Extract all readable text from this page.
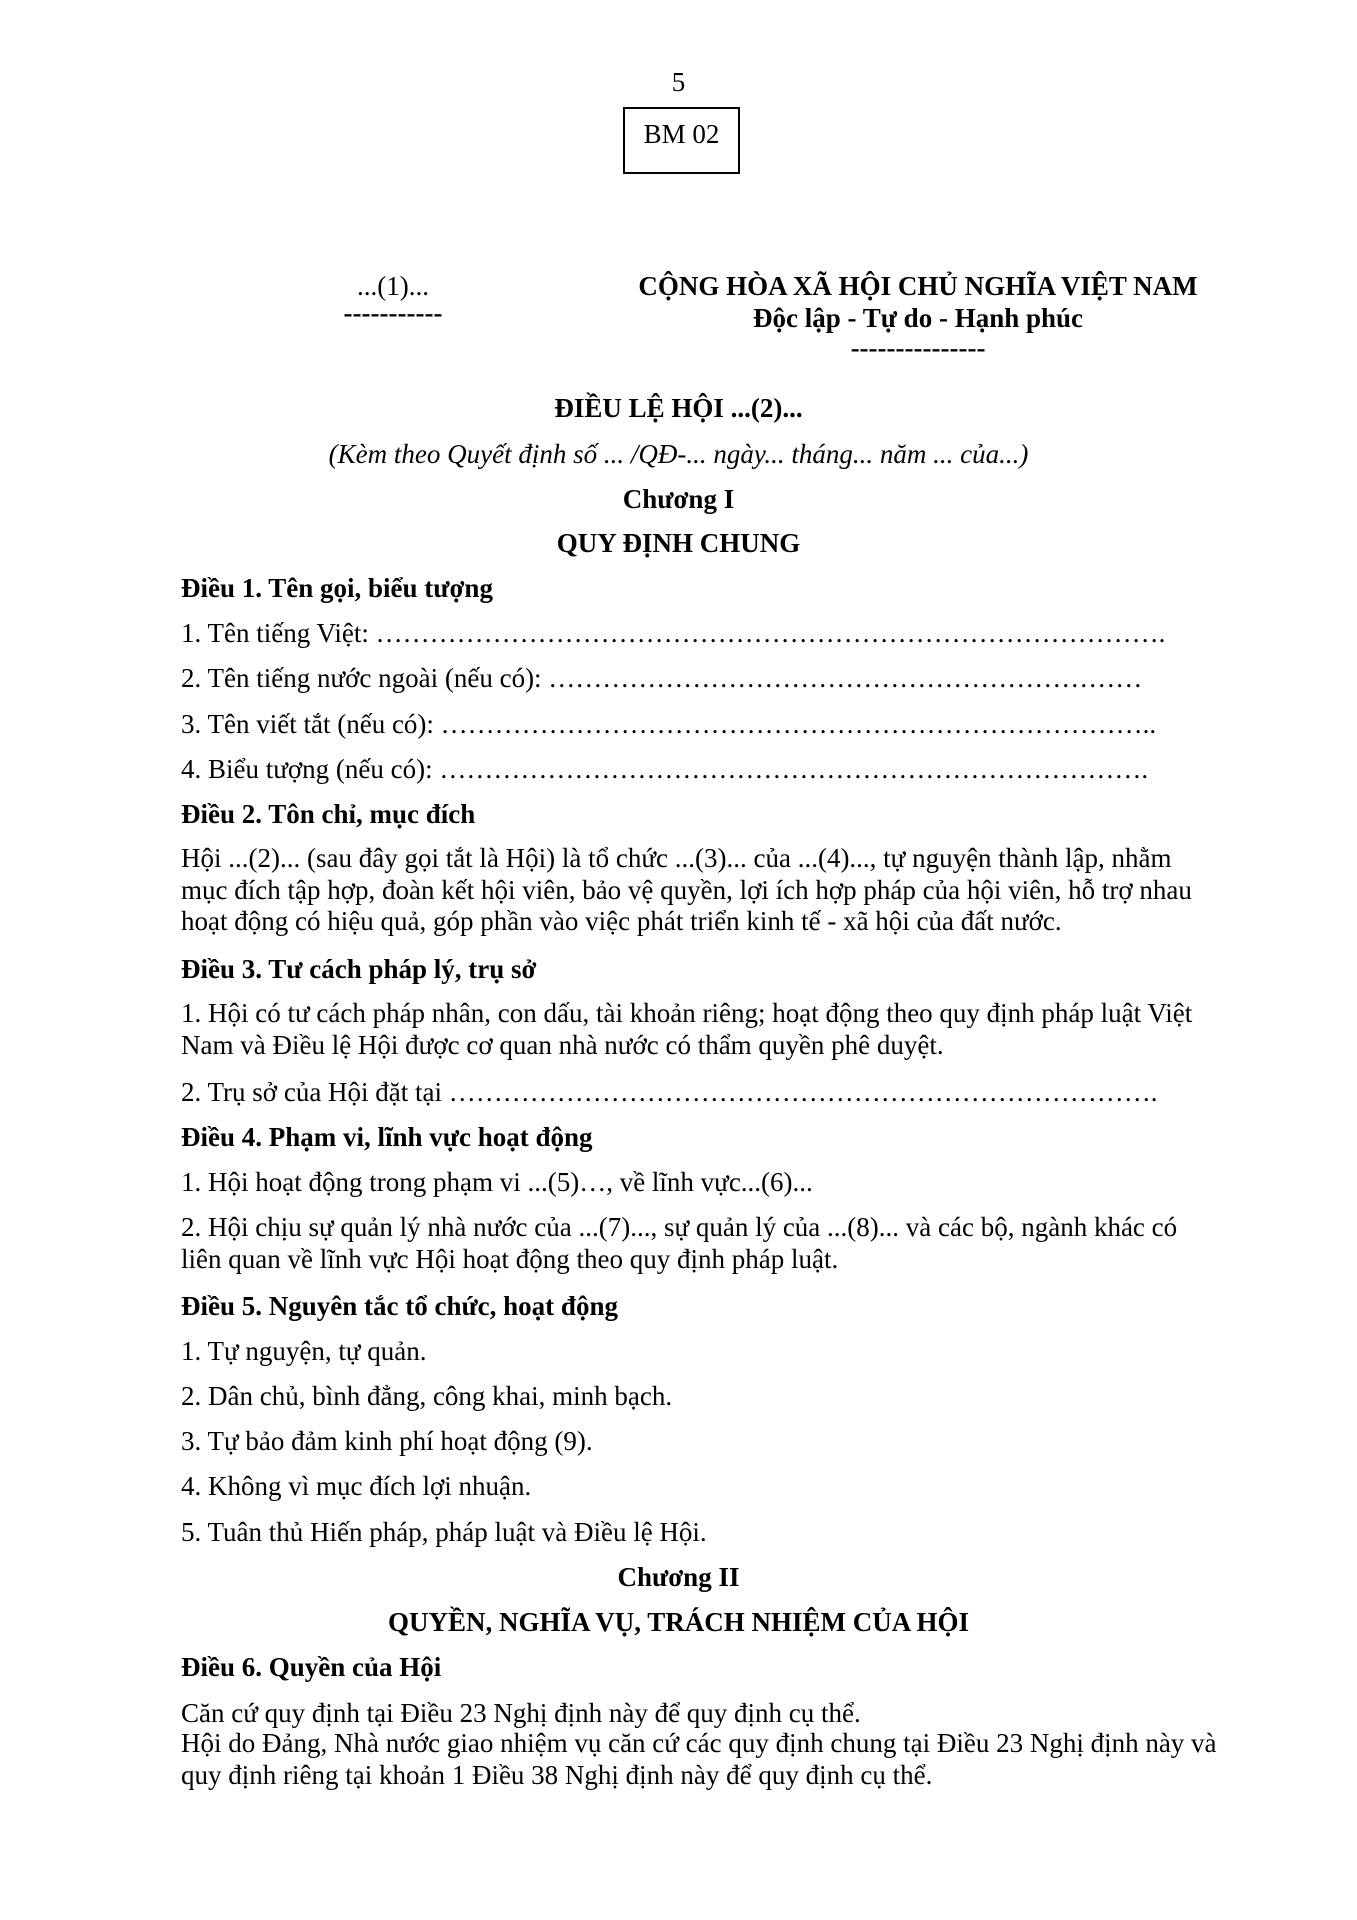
5
BM 02
...(1)...
-----------
CỘNG HÒA XÃ HỘI CHỦ NGHĨA VIỆT NAM
Độc lập - Tự do - Hạnh phúc
---------------
ĐIỀU LỆ HỘI ...(2)...
(Kèm theo Quyết định số ... /QĐ-... ngày... tháng... năm ... của...)
Chương I
QUY ĐỊNH CHUNG
Điều 1. Tên gọi, biểu tượng
1. Tên tiếng Việt: …………………………………………………………………………….
2. Tên tiếng nước ngoài (nếu có): …………………………………………………………
3. Tên viết tắt (nếu có): ……………………………………………………………………..
4. Biểu tượng (nếu có): …………………………………………………………………….
Điều 2. Tôn chỉ, mục đích
Hội ...(2)... (sau đây gọi tắt là Hội) là tổ chức ...(3)... của ...(4)..., tự nguyện thành lập, nhằm mục đích tập hợp, đoàn kết hội viên, bảo vệ quyền, lợi ích hợp pháp của hội viên, hỗ trợ nhau hoạt động có hiệu quả, góp phần vào việc phát triển kinh tế - xã hội của đất nước.
Điều 3. Tư cách pháp lý, trụ sở
1. Hội có tư cách pháp nhân, con dấu, tài khoản riêng; hoạt động theo quy định pháp luật Việt Nam và Điều lệ Hội được cơ quan nhà nước có thẩm quyền phê duyệt.
2. Trụ sở của Hội đặt tại …………………………………………………………………….
Điều 4. Phạm vi, lĩnh vực hoạt động
1. Hội hoạt động trong phạm vi ...(5)…, về lĩnh vực...(6)...
2. Hội chịu sự quản lý nhà nước của ...(7)..., sự quản lý của ...(8)... và các bộ, ngành khác có liên quan về lĩnh vực Hội hoạt động theo quy định pháp luật.
Điều 5. Nguyên tắc tổ chức, hoạt động
1. Tự nguyện, tự quản.
2. Dân chủ, bình đẳng, công khai, minh bạch.
3. Tự bảo đảm kinh phí hoạt động (9).
4. Không vì mục đích lợi nhuận.
5. Tuân thủ Hiến pháp, pháp luật và Điều lệ Hội.
Chương II
QUYỀN, NGHĨA VỤ, TRÁCH NHIỆM CỦA HỘI
Điều 6. Quyền của Hội
Căn cứ quy định tại Điều 23 Nghị định này để quy định cụ thể.
Hội do Đảng, Nhà nước giao nhiệm vụ căn cứ các quy định chung tại Điều 23 Nghị định này và quy định riêng tại khoản 1 Điều 38 Nghị định này để quy định cụ thể.
